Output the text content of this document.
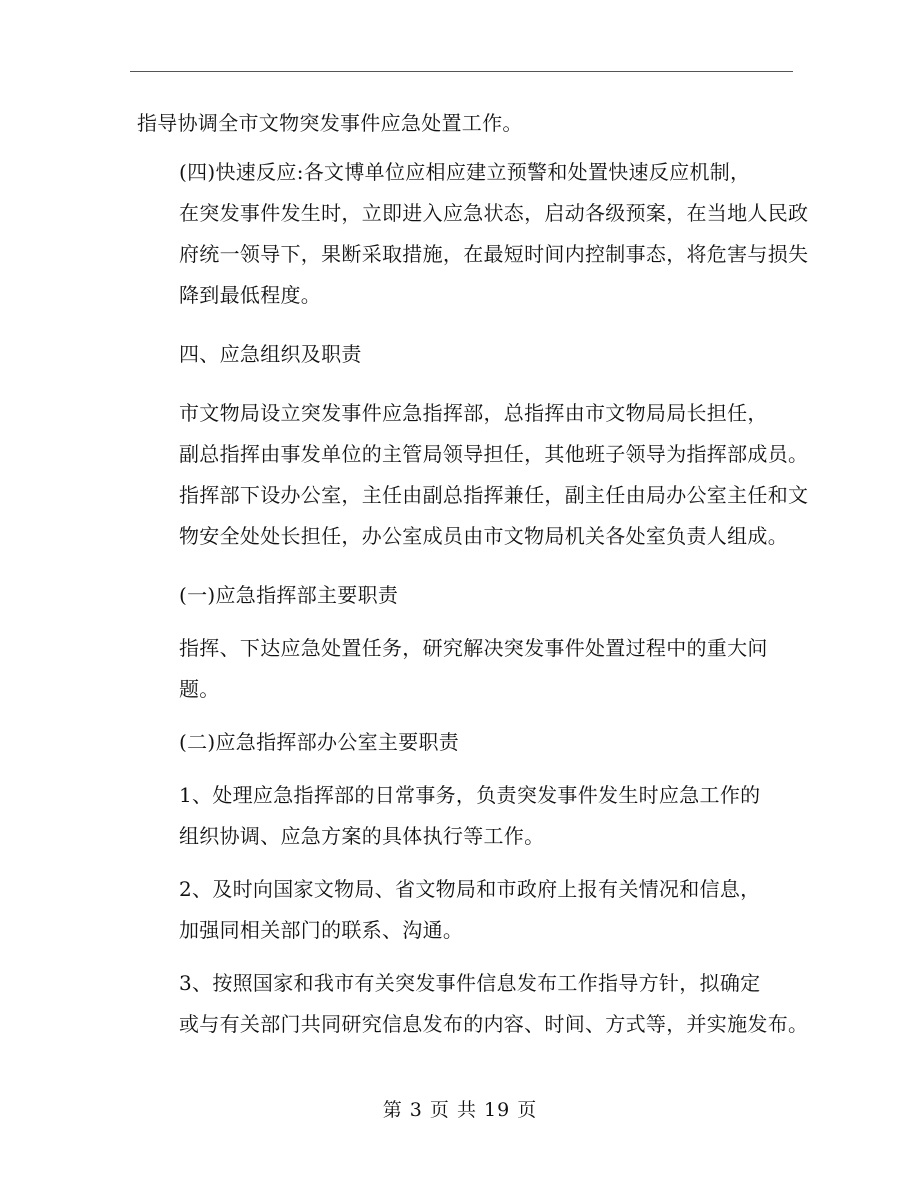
指导协调全市文物突发事件应急处置工作。

(四)快速反应:各文博单位应相应建立预警和处置快速反应机制，
在突发事件发生时，立即进入应急状态，启动各级预案，在当地人民政
府统一领导下，果断采取措施，在最短时间内控制事态，将危害与损失
降到最低程度。

四、应急组织及职责

市文物局设立突发事件应急指挥部，总指挥由市文物局局长担任，
副总指挥由事发单位的主管局领导担任，其他班子领导为指挥部成员。
指挥部下设办公室，主任由副总指挥兼任，副主任由局办公室主任和文
物安全处处长担任，办公室成员由市文物局机关各处室负责人组成。

(一)应急指挥部主要职责

指挥、下达应急处置任务，研究解决突发事件处置过程中的重大问
题。

(二)应急指挥部办公室主要职责

1、处理应急指挥部的日常事务，负责突发事件发生时应急工作的
组织协调、应急方案的具体执行等工作。

2、及时向国家文物局、省文物局和市政府上报有关情况和信息，
加强同相关部门的联系、沟通。

3、按照国家和我市有关突发事件信息发布工作指导方针，拟确定
或与有关部门共同研究信息发布的内容、时间、方式等，并实施发布。

第 3 页 共 19 页
